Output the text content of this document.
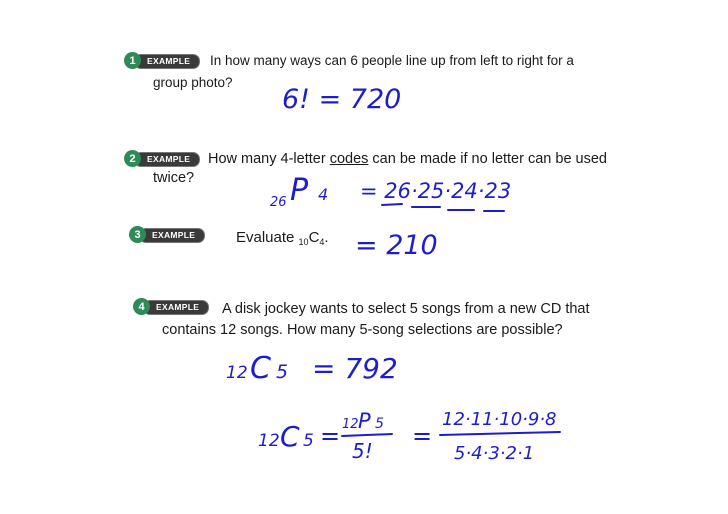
1	EXAMPLE	In how many ways can 6 people line up from left to right for a
group photo?
2	EXAMPLE	How many 4-letter codes can be made if no letter can be used
twice?
3	EXAMPLE	Evaluate $_{10}C_4$.
4	EXAMPLE	A disk jockey wants to select 5 songs from a new CD that
contains 12 songs. How many 5-song selections are possible?
6! = 720
26 P 4 = 26·25·24·23
= 210
12 C 5 = 792
12 C 5 = 12 P 5
5!
=
12·11·10·9·8
5·4·3·2·1
